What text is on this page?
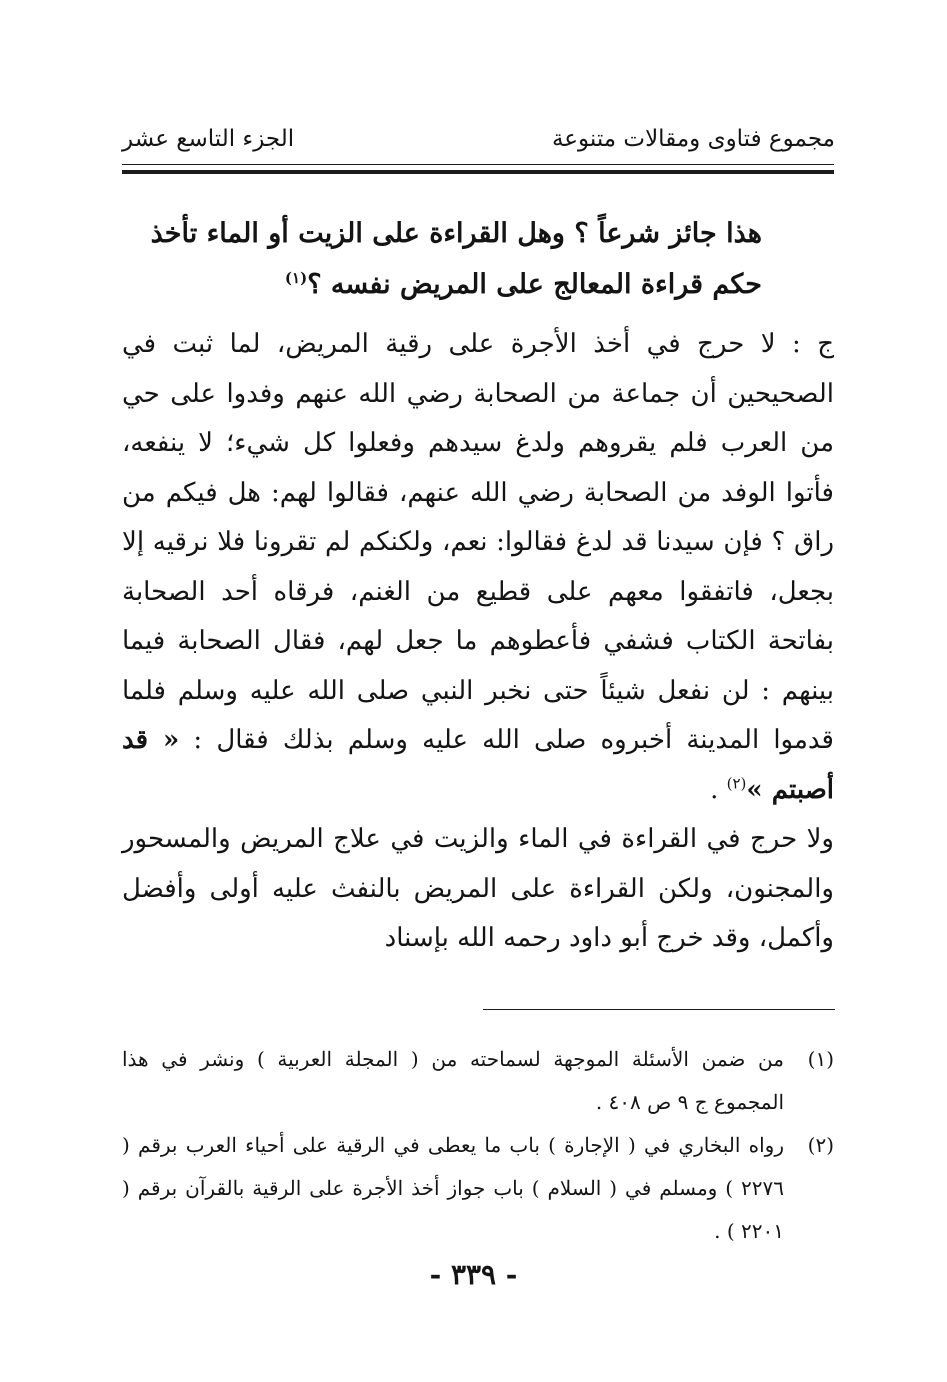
مجموع فتاوى ومقالات متنوعة
الجزء التاسع عشر

هذا جائز شرعاً ؟ وهل القراءة على الزيت أو الماء تأخذ

حكم قراءة المعالج على المريض نفسه ؟$^{(١)}$

ج : لا حرج في أخذ الأجرة على رقية المريض، لما ثبت في الصحيحين أن جماعة من الصحابة رضي الله عنهم وفدوا على حي من العرب فلم يقروهم ولدغ سيدهم وفعلوا كل شيء؛ لا ينفعه، فأتوا الوفد من الصحابة رضي الله عنهم، فقالوا لهم: هل فيكم من راق ؟ فإن سيدنا قد لدغ فقالوا: نعم، ولكنكم لم تقرونا فلا نرقيه إلا بجعل، فاتفقوا معهم على قطيع من الغنم، فرقاه أحد الصحابة بفاتحة الكتاب فشفي فأعطوهم ما جعل لهم، فقال الصحابة فيما بينهم : لن نفعل شيئاً حتى نخبر النبي صلى الله عليه وسلم فلما قدموا المدينة أخبروه صلى الله عليه وسلم بذلك فقال : « قد أصبتم »$^{(٢)}$ .

ولا حرج في القراءة في الماء والزيت في علاج المريض والمسحور والمجنون، ولكن القراءة على المريض بالنفث عليه أولى وأفضل وأكمل، وقد خرج أبو داود رحمه الله بإسناد

(١)
من ضمن الأسئلة الموجهة لسماحته من ( المجلة العربية ) ونشر في هذا المجموع ج ٩ ص ٤٠٨ .
(٢)
رواه البخاري في ( الإجارة ) باب ما يعطى في الرقية على أحياء العرب برقم ( ٢٢٧٦ ) ومسلم في ( السلام ) باب جواز أخذ الأجرة على الرقية بالقرآن برقم ( ٢٢٠١ ) .
- ٣٣٩ -
